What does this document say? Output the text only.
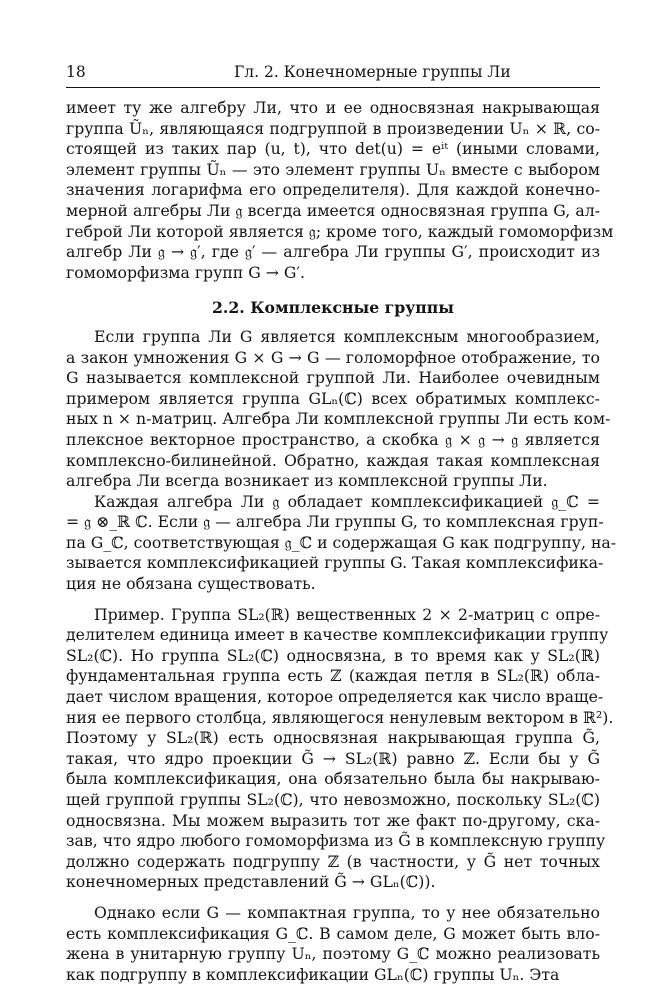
18	Гл. 2. Конечномерные группы Ли
имеет ту же алгебру Ли, что и ее односвязная накрывающая
группа Ũₙ, являющаяся подгруппой в произведении Uₙ × ℝ, со-
стоящей из таких пар (u, t), что det(u) = eⁱᵗ (иными словами,
элемент группы Ũₙ — это элемент группы Uₙ вместе с выбором
значения логарифма его определителя). Для каждой конечно-
мерной алгебры Ли 𝔤 всегда имеется односвязная группа G, ал-
геброй Ли которой является 𝔤; кроме того, каждый гомоморфизм
алгебр Ли 𝔤 → 𝔤′, где 𝔤′ — алгебра Ли группы G′, происходит из
гомоморфизма групп G → G′.
2.2. Комплексные группы
Если группа Ли G является комплексным многообразием,
а закон умножения G × G → G — голоморфное отображение, то
G называется комплексной группой Ли. Наиболее очевидным
примером является группа GLₙ(ℂ) всех обратимых комплекс-
ных n × n-матриц. Алгебра Ли комплексной группы Ли есть ком-
плексное векторное пространство, а скобка 𝔤 × 𝔤 → 𝔤 является
комплексно-билинейной. Обратно, каждая такая комплексная
алгебра Ли всегда возникает из комплексной группы Ли.
Каждая алгебра Ли 𝔤 обладает комплексификацией 𝔤_ℂ =
= 𝔤 ⊗_ℝ ℂ. Если 𝔤 — алгебра Ли группы G, то комплексная груп-
па G_ℂ, соответствующая 𝔤_ℂ и содержащая G как подгруппу, на-
зывается комплексификацией группы G. Такая комплексифика-
ция не обязана существовать.
Пример. Группа SL₂(ℝ) вещественных 2 × 2-матриц с опре-
делителем единица имеет в качестве комплексификации группу
SL₂(ℂ). Но группа SL₂(ℂ) односвязна, в то время как у SL₂(ℝ)
фундаментальная группа есть ℤ (каждая петля в SL₂(ℝ) обла-
дает числом вращения, которое определяется как число враще-
ния ее первого столбца, являющегося ненулевым вектором в ℝ²).
Поэтому у SL₂(ℝ) есть односвязная накрывающая группа G̃,
такая, что ядро проекции G̃ → SL₂(ℝ) равно ℤ. Если бы у G̃
была комплексификация, она обязательно была бы накрываю-
щей группой группы SL₂(ℂ), что невозможно, поскольку SL₂(ℂ)
односвязна. Мы можем выразить тот же факт по-другому, ска-
зав, что ядро любого гомоморфизма из G̃ в комплексную группу
должно содержать подгруппу ℤ (в частности, у G̃ нет точных
конечномерных представлений G̃ → GLₙ(ℂ)).
Однако если G — компактная группа, то у нее обязательно
есть комплексификация G_ℂ. В самом деле, G может быть вло-
жена в унитарную группу Uₙ, поэтому G_ℂ можно реализовать
как подгруппу в комплексификации GLₙ(ℂ) группы Uₙ. Эта
